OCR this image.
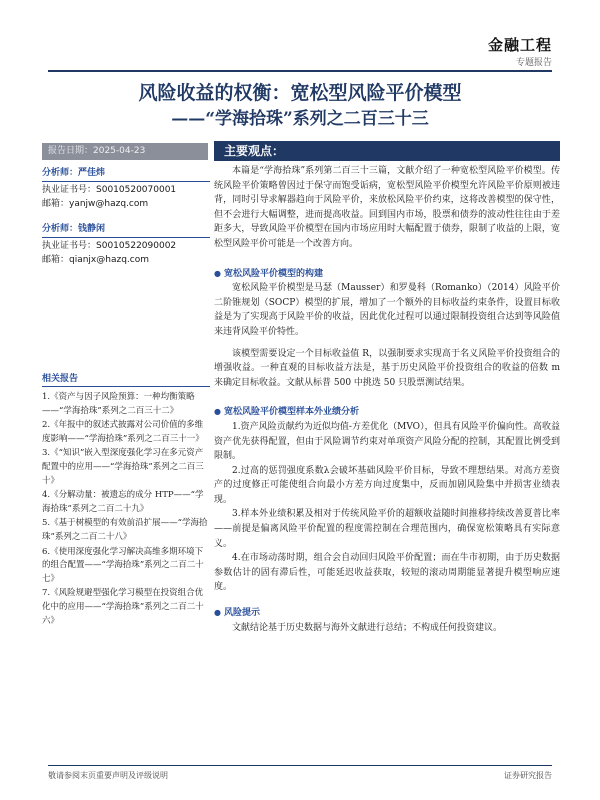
金融工程
专题报告
风险收益的权衡：宽松型风险平价模型
——“学海拾珠”系列之二百三十三
报告日期：2025-04-23	主要观点：
分析师：严佳炜
执业证书号：S0010520070001
邮箱：yanjw@hazq.com
分析师：钱静闲
执业证书号：S0010522090002
邮箱：qianjx@hazq.com
相关报告
1.《资产与因子风险预算：一种均衡策略——“学海拾珠”系列之二百三十二》
2.《年报中的叙述式披露对公司价值的多维度影响——“学海拾珠”系列之二百三十一》
3.《“知识”嵌入型深度强化学习在多元资产配置中的应用——“学海拾珠”系列之二百三十》
4.《分解动量：被遗忘的成分 HTP——“学海拾珠”系列之二百二十九》
5.《基于树模型的有效前沿扩展——“学海拾珠”系列之二百二十八》
6.《使用深度强化学习解决高维多期环境下的组合配置——“学海拾珠”系列之二百二十七》
7.《风险规避型强化学习模型在投资组合优化中的应用——“学海拾珠”系列之二百二十六》

本篇是“学海拾珠”系列第二百三十三篇，文献介绍了一种宽松型风险平价模型。传统风险平价策略曾因过于保守而饱受诟病，宽松型风险平价模型允许风险平价原则被违背，同时引导求解器趋向于风险平价，来放松风险平价约束，这将改善模型的保守性，但不会进行大幅调整，进而提高收益。回到国内市场，股票和债券的波动性往往由于差距多大，导致风险平价模型在国内市场应用时大幅配置于债券，限制了收益的上限，宽松型风险平价可能是一个改善方向。

● 宽松风险平价模型的构建

宽松风险平价模型是马瑟（Mausser）和罗曼科（Romanko）（2014）风险平价二阶锥规划（SOCP）模型的扩展，增加了一个额外的目标收益约束条件，设置目标收益是为了实现高于风险平价的收益，因此优化过程可以通过限制投资组合达到等风险值来违背风险平价特性。

该模型需要设定一个目标收益值 R，以强制要求实现高于名义风险平价投资组合的增强收益。一种直观的目标收益方法是，基于历史风险平价投资组合的收益的倍数 m 来确定目标收益。文献从标普 500 中挑选 50 只股票测试结果。

● 宽松风险平价模型样本外业绩分析

1.资产风险贡献约为近似均值-方差优化（MVO），但具有风险平价偏向性。高收益资产优先获得配置，但由于风险调节约束对单项资产风险分配的控制，其配置比例受到限制。

2.过高的惩罚强度系数λ会破坏基础风险平价目标，导致不理想结果。对高方差资产的过度修正可能使组合向最小方差方向过度集中，反而加剧风险集中并损害业绩表现。

3.样本外业绩积累及相对于传统风险平价的超额收益随时间推移持续改善夏普比率——前提是偏离风险平价配置的程度需控制在合理范围内，确保宽松策略具有实际意义。

4.在市场动荡时期，组合会自动回归风险平价配置；而在牛市初期，由于历史数据参数估计的固有滞后性，可能延迟收益获取，较短的滚动周期能显著提升模型响应速度。

● 风险提示

文献结论基于历史数据与海外文献进行总结；不构成任何投资建议。

敬请参阅末页重要声明及评级说明	证券研究报告
